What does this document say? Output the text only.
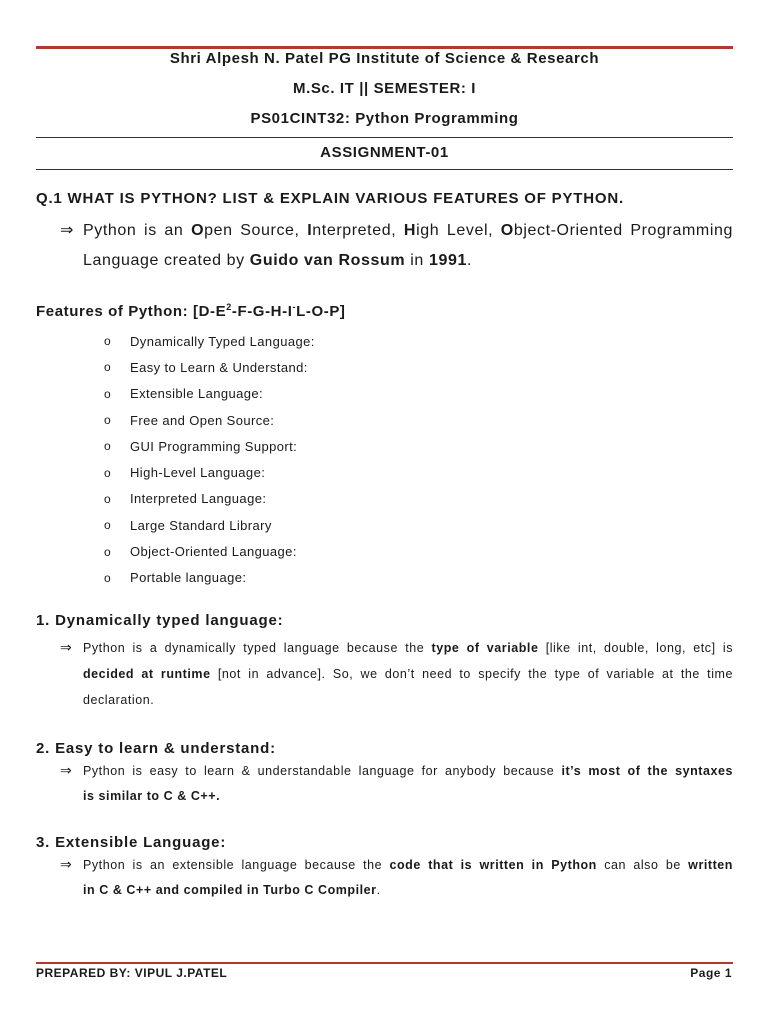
Shri Alpesh N. Patel PG Institute of Science & Research
M.Sc. IT || SEMESTER: I
PS01CINT32: Python Programming
ASSIGNMENT-01
Q.1 WHAT IS PYTHON? LIST & EXPLAIN VARIOUS FEATURES OF PYTHON.
⇒ Python is an Open Source, Interpreted, High Level, Object-Oriented Programming
Language created by Guido van Rossum in 1991.
Features of Python: $[D-E^2-F-G-H-I^-L-O-P]$
o	Dynamically Typed Language:
o	Easy to Learn & Understand:
o	Extensible Language:
o	Free and Open Source:
o	GUI Programming Support:
o	High-Level Language:
o	Interpreted Language:
o	Large Standard Library
o	Object-Oriented Language:
o	Portable language:
1. Dynamically typed language:
⇒ Python is a dynamically typed language because the type of variable [like int, double, long, etc] is
decided at runtime [not in advance]. So, we don’t need to specify the type of variable at the time
declaration.
2. Easy to learn & understand:
⇒ Python is easy to learn & understandable language for anybody because it’s most of the syntaxes
is similar to C & C++.
3. Extensible Language:
⇒ Python is an extensible language because the code that is written in Python can also be written
in C & C++ and compiled in Turbo C Compiler.
PREPARED BY: VIPUL J.PATEL	Page 1
